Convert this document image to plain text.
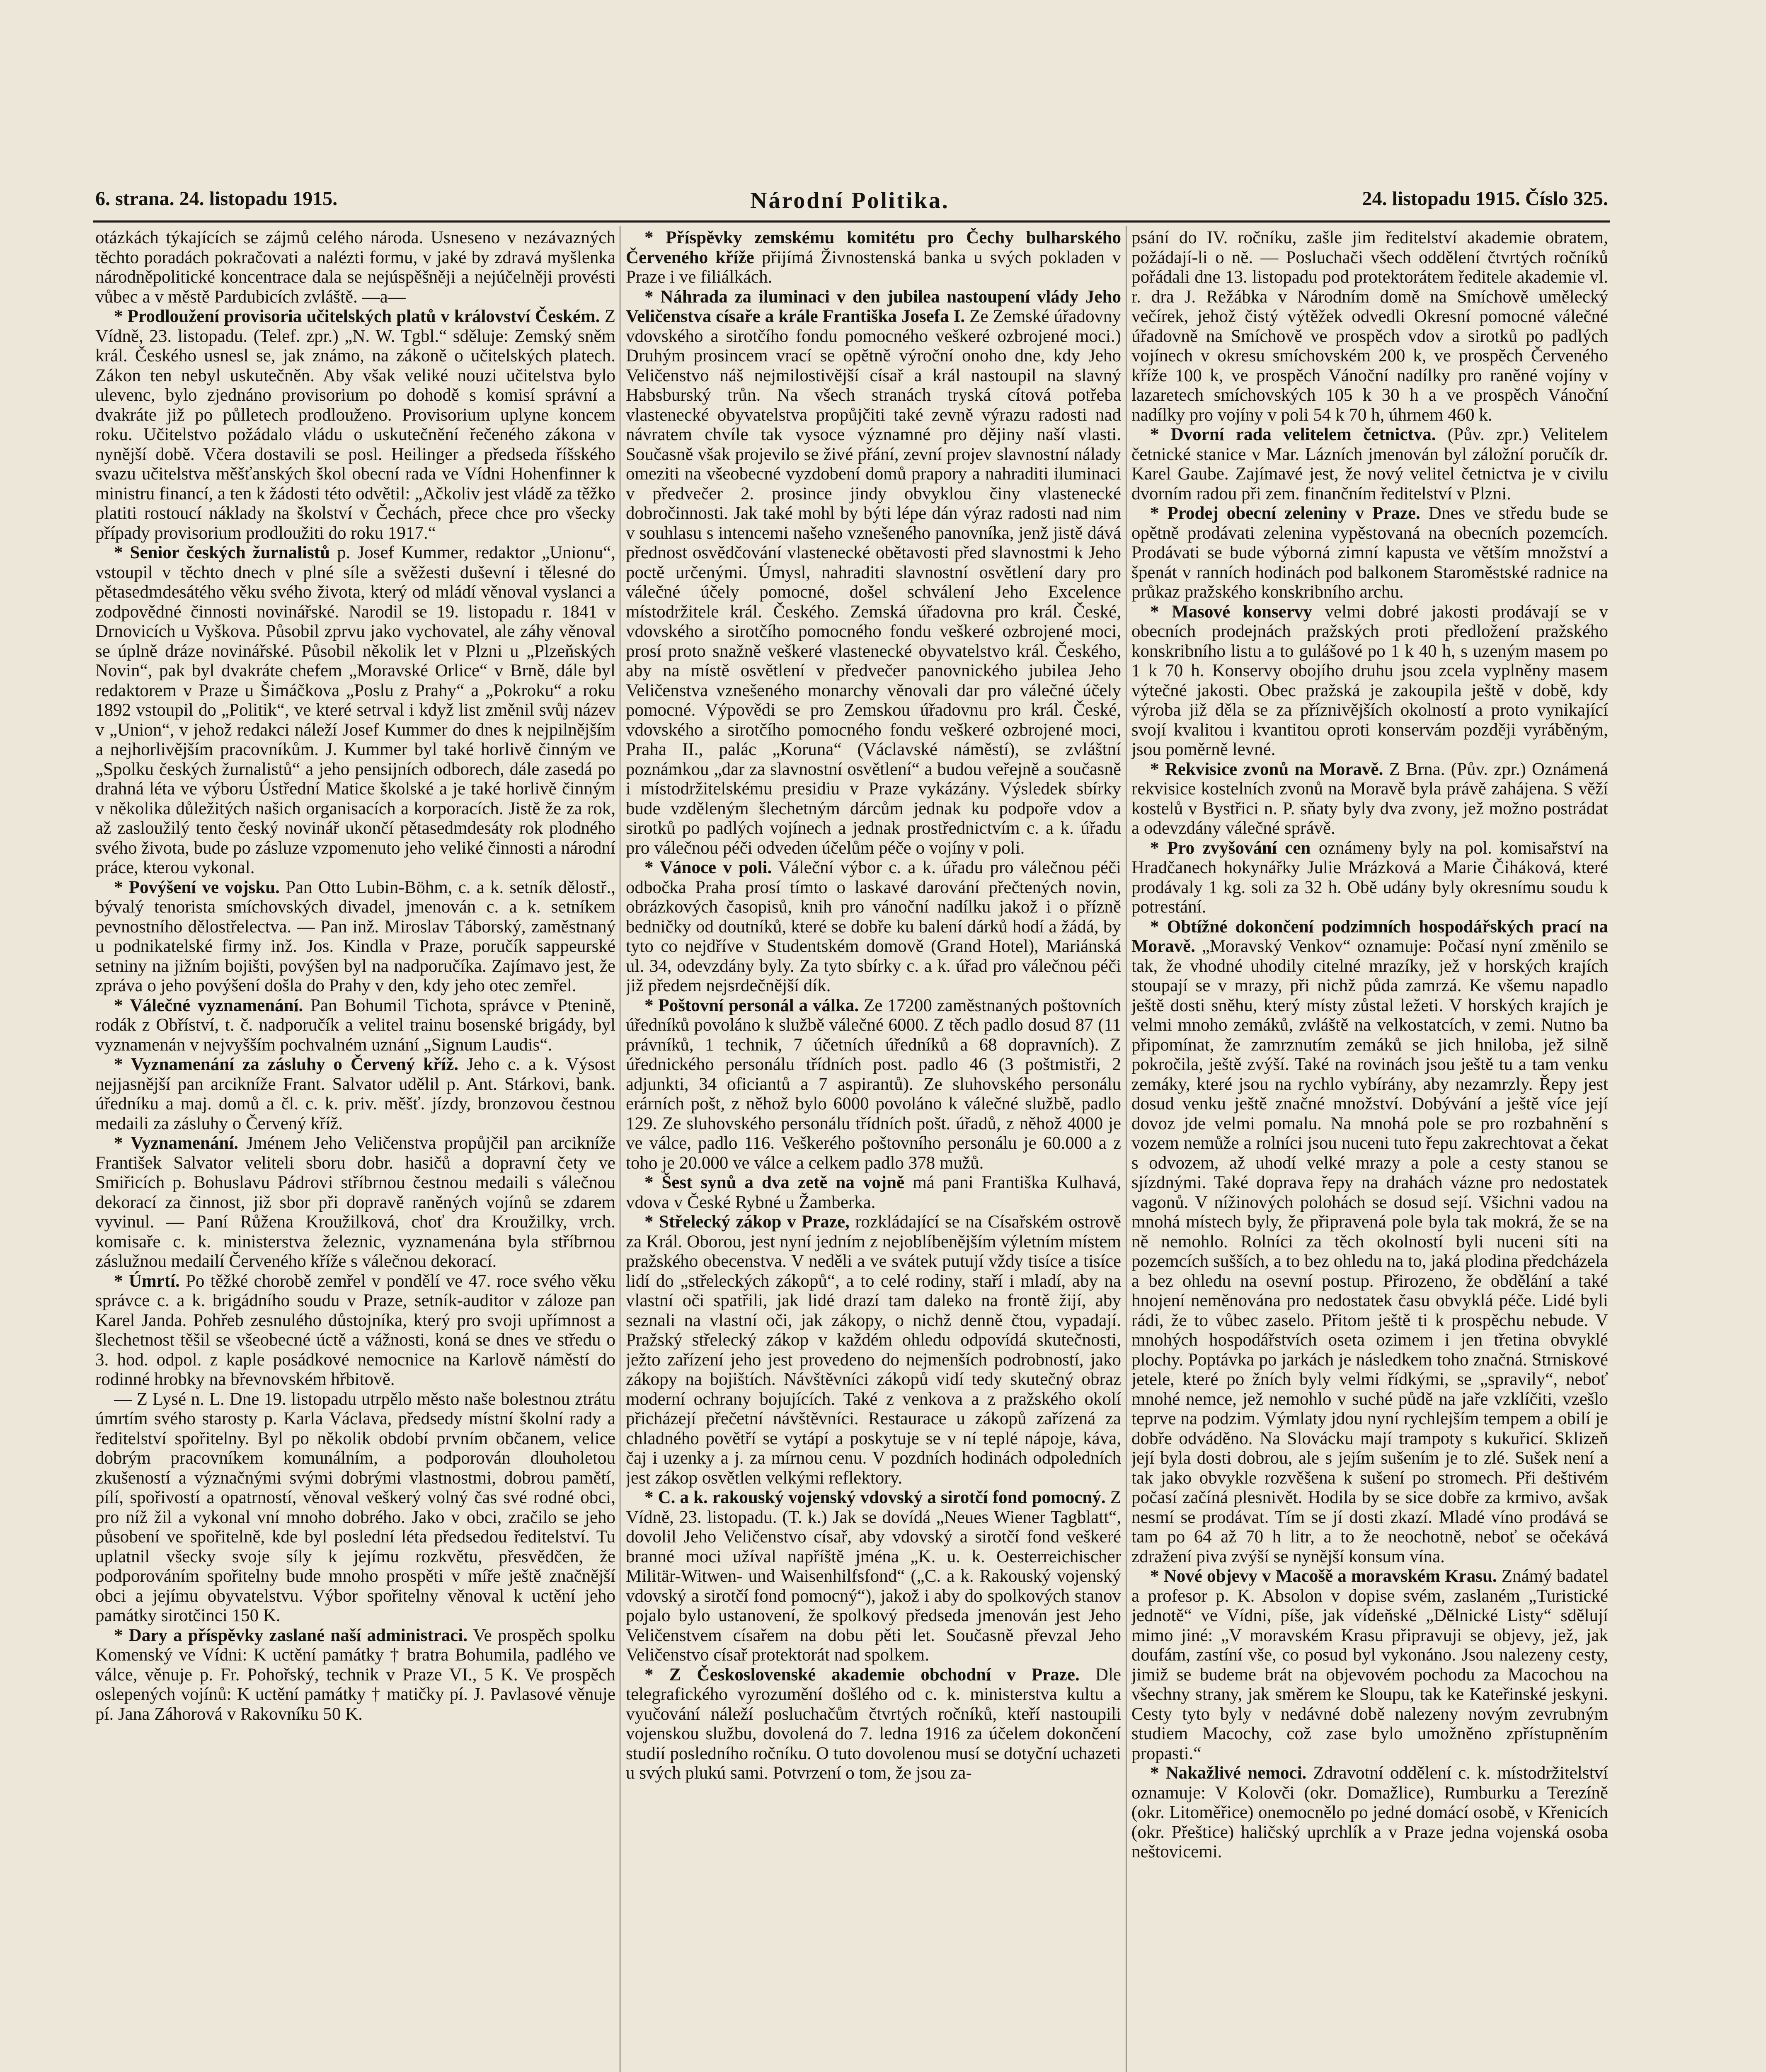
6. strana. 24. listopadu 1915.	Národní Politika.	24. listopadu 1915. Číslo 325.

otázkách týkajících se zájmů celého národa. Usneseno v nezávazných těchto poradách pokračovati a nalézti formu, v jaké by zdravá myšlenka národněpolitické koncentrace dala se nejúspěšněji a nejúčelněji provésti vůbec a v městě Pardubicích zvláště. —a—

* Prodloužení provisoria učitelských platů v království Českém. Z Vídně, 23. listopadu. (Telef. zpr.) „N. W. Tgbl.“ sděluje: Zemský sněm král. Českého usnesl se, jak známo, na zákoně o učitelských platech. Zákon ten nebyl uskutečněn. Aby však veliké nouzi učitelstva bylo ulevenc, bylo zjednáno provisorium po dohodě s komisí správní a dvakráte již po půlletech prodlouženo. Provisorium uplyne koncem roku. Učitelstvo požádalo vládu o uskutečnění řečeného zákona v nynější době. Včera dostavili se posl. Heilinger a předseda říšského svazu učitelstva měšťanských škol obecní rada ve Vídni Hohenfinner k ministru financí, a ten k žádosti této odvětil: „Ačkoliv jest vládě za těžko platiti rostoucí náklady na školství v Čechách, přece chce pro všecky případy provisorium prodloužiti do roku 1917.“

* Senior českých žurnalistů p. Josef Kummer, redaktor „Unionu“, vstoupil v těchto dnech v plné síle a svěžesti duševní i tělesné do pětasedmdesátého věku svého života, který od mládí věnoval vyslanci a zodpovědné činnosti novinářské. Narodil se 19. listopadu r. 1841 v Drnovicích u Vyškova. Působil zprvu jako vychovatel, ale záhy věnoval se úplně dráze novinářské. Působil několik let v Plzni u „Plzeňských Novin“, pak byl dvakráte chefem „Moravské Orlice“ v Brně, dále byl redaktorem v Praze u Šimáčkova „Poslu z Prahy“ a „Pokroku“ a roku 1892 vstoupil do „Politik“, ve které setrval i když list změnil svůj název v „Union“, v jehož redakci náleží Josef Kummer do dnes k nejpilnějším a nejhorlivějším pracovníkům. J. Kummer byl také horlivě činným ve „Spolku českých žurnalistů“ a jeho pensijních odborech, dále zasedá po drahná léta ve výboru Ústřední Matice školské a je také horlivě činným v několika důležitých našich organisacích a korporacích. Jistě že za rok, až zasloužilý tento český novinář ukončí pětasedmdesáty rok plodného svého života, bude po zásluze vzpomenuto jeho veliké činnosti a národní práce, kterou vykonal.

* Povýšení ve vojsku. Pan Otto Lubin-Böhm, c. a k. setník dělostř., bývalý tenorista smíchovských divadel, jmenován c. a k. setníkem pevnostního dělostřelectva. — Pan inž. Miroslav Táborský, zaměstnaný u podnikatelské firmy inž. Jos. Kindla v Praze, poručík sappeurské setniny na jižním bojišti, povýšen byl na nadporučíka. Zajímavo jest, že zpráva o jeho povýšení došla do Prahy v den, kdy jeho otec zemřel.

* Válečné vyznamenání. Pan Bohumil Tichota, správce v Ptenině, rodák z Obříství, t. č. nadporučík a velitel trainu bosenské brigády, byl vyznamenán v nejvyšším pochvalném uznání „Signum Laudis“.

* Vyznamenání za zásluhy o Červený kříž. Jeho c. a k. Výsost nejjasnější pan arcikníže Frant. Salvator udělil p. Ant. Stárkovi, bank. úředníku a maj. domů a čl. c. k. priv. měšť. jízdy, bronzovou čestnou medaili za zásluhy o Červený kříž.

* Vyznamenání. Jménem Jeho Veličenstva propůjčil pan arcikníže František Salvator veliteli sboru dobr. hasičů a dopravní čety ve Smiřicích p. Bohuslavu Pádrovi stříbrnou čestnou medaili s válečnou dekorací za činnost, již sbor při dopravě raněných vojínů se zdarem vyvinul. — Paní Růžena Kroužilková, choť dra Kroužilky, vrch. komisaře c. k. ministerstva železnic, vyznamenána byla stříbrnou záslužnou medailí Červeného kříže s válečnou dekorací.

* Úmrtí. Po těžké chorobě zemřel v pondělí ve 47. roce svého věku správce c. a k. brigádního soudu v Praze, setník-auditor v záloze pan Karel Janda. Pohřeb zesnulého důstojníka, který pro svoji upřímnost a šlechetnost těšil se všeobecné úctě a vážnosti, koná se dnes ve středu o 3. hod. odpol. z kaple posádkové nemocnice na Karlově náměstí do rodinné hrobky na břevnovském hřbitově.

— Z Lysé n. L. Dne 19. listopadu utrpělo město naše bolestnou ztrátu úmrtím svého starosty p. Karla Václava, předsedy místní školní rady a ředitelství spořitelny. Byl po několik období prvním občanem, velice dobrým pracovníkem komunálním, a podporován dlouholetou zkušeností a význačnými svými dobrými vlastnostmi, dobrou pamětí, pílí, spořivostí a opatrností, věnoval veškerý volný čas své rodné obci, pro níž žil a vykonal vní mnoho dobrého. Jako v obci, zračilo se jeho působení ve spořitelně, kde byl poslední léta předsedou ředitelství. Tu uplatnil všecky svoje síly k jejímu rozkvětu, přesvědčen, že podporováním spořitelny bude mnoho prospěti v míře ještě značnější obci a jejímu obyvatelstvu. Výbor spořitelny věnoval k uctění jeho památky sirotčinci 150 K.

* Dary a příspěvky zaslané naší administraci. Ve prospěch spolku Komenský ve Vídni: K uctění památky † bratra Bohumila, padlého ve válce, věnuje p. Fr. Pohořský, technik v Praze VI., 5 K. Ve prospěch oslepených vojínů: K uctění památky † matičky pí. J. Pavlasové věnuje pí. Jana Záhorová v Rakovníku 50 K.

* Příspěvky zemskému komitétu pro Čechy bulharského Červeného kříže přijímá Živnostenská banka u svých pokladen v Praze i ve filiálkách.

* Náhrada za iluminaci v den jubilea nastoupení vlády Jeho Veličenstva císaře a krále Františka Josefa I. Ze Zemské úřadovny vdovského a sirotčího fondu pomocného veškeré ozbrojené moci.) Druhým prosincem vrací se opětně výroční onoho dne, kdy Jeho Veličenstvo náš nejmilostivější císař a král nastoupil na slavný Habsburský trůn. Na všech stranách tryská cítová potřeba vlastenecké obyvatelstva propůjčiti také zevně výrazu radosti nad návratem chvíle tak vysoce významné pro dějiny naší vlasti. Současně však projevilo se živé přání, zevní projev slavnostní nálady omeziti na všeobecné vyzdobení domů prapory a nahraditi iluminaci v předvečer 2. prosince jindy obvyklou činy vlastenecké dobročinnosti. Jak také mohl by býti lépe dán výraz radosti nad nim v souhlasu s intencemi našeho vznešeného panovníka, jenž jistě dává přednost osvědčování vlastenecké obětavosti před slavnostmi k Jeho poctě určenými. Úmysl, nahraditi slavnostní osvětlení dary pro válečné účely pomocné, došel schválení Jeho Excelence místodržitele král. Českého. Zemská úřadovna pro král. České, vdovského a sirotčího pomocného fondu veškeré ozbrojené moci, prosí proto snažně veškeré vlastenecké obyvatelstvo král. Českého, aby na místě osvětlení v předvečer panovnického jubilea Jeho Veličenstva vznešeného monarchy věnovali dar pro válečné účely pomocné. Výpovědi se pro Zemskou úřadovnu pro král. České, vdovského a sirotčího pomocného fondu veškeré ozbrojené moci, Praha II., palác „Koruna“ (Václavské náměstí), se zvláštní poznámkou „dar za slavnostní osvětlení“ a budou veřejně a současně i místodržitelskému presidiu v Praze vykázány. Výsledek sbírky bude vzděleným šlechetným dárcům jednak ku podpoře vdov a sirotků po padlých vojínech a jednak prostřednictvím c. a k. úřadu pro válečnou péči odveden účelům péče o vojíny v poli.

* Vánoce v poli. Váleční výbor c. a k. úřadu pro válečnou péči odbočka Praha prosí tímto o laskavé darování přečtených novin, obrázkových časopisů, knih pro vánoční nadílku jakož i o přízně bedničky od doutníků, které se dobře ku balení dárků hodí a žádá, by tyto co nejdříve v Studentském domově (Grand Hotel), Mariánská ul. 34, odevzdány byly. Za tyto sbírky c. a k. úřad pro válečnou péči již předem nejsrdečnější dík.

* Poštovní personál a válka. Ze 17200 zaměstnaných poštovních úředníků povoláno k službě válečné 6000. Z těch padlo dosud 87 (11 právníků, 1 technik, 7 účetních úředníků a 68 dopravních). Z úřednického personálu třídních post. padlo 46 (3 poštmistři, 2 adjunkti, 34 oficiantů a 7 aspirantů). Ze sluhovského personálu erárních pošt, z něhož bylo 6000 povoláno k válečné službě, padlo 129. Ze sluhovského personálu třídních pošt. úřadů, z něhož 4000 je ve válce, padlo 116. Veškerého poštovního personálu je 60.000 a z toho je 20.000 ve válce a celkem padlo 378 mužů.

* Šest synů a dva zetě na vojně má pani Františka Kulhavá, vdova v České Rybné u Žamberka.

* Střelecký zákop v Praze, rozkládající se na Císařském ostrově za Král. Oborou, jest nyní jedním z nejoblíbenějším výletním místem pražského obecenstva. V neděli a ve svátek putují vždy tisíce a tisíce lidí do „střeleckých zákopů“, a to celé rodiny, staří i mladí, aby na vlastní oči spatřili, jak lidé drazí tam daleko na frontě žijí, aby seznali na vlastní oči, jak zákopy, o nichž denně čtou, vypadají. Pražský střelecký zákop v každém ohledu odpovídá skutečnosti, ježto zařízení jeho jest provedeno do nejmenších podrobností, jako zákopy na bojištích. Návštěvníci zákopů vidí tedy skutečný obraz moderní ochrany bojujících. Také z venkova a z pražského okolí přicházejí přečetní návštěvníci. Restaurace u zákopů zařízená za chladného povětří se vytápí a poskytuje se v ní teplé nápoje, káva, čaj i uzenky a j. za mírnou cenu. V pozdních hodinách odpoledních jest zákop osvětlen velkými reflektory.

* C. a k. rakouský vojenský vdovský a sirotčí fond pomocný. Z Vídně, 23. listopadu. (T. k.) Jak se dovídá „Neues Wiener Tagblatt“, dovolil Jeho Veličenstvo císař, aby vdovský a sirotčí fond veškeré branné moci užíval napříště jména „K. u. k. Oesterreichischer Militär-Witwen- und Waisenhilfsfond“ („C. a k. Rakouský vojenský vdovský a sirotčí fond pomocný“), jakož i aby do spolkových stanov pojalo bylo ustanovení, že spolkový předseda jmenován jest Jeho Veličenstvem císařem na dobu pěti let. Současně převzal Jeho Veličenstvo císař protektorát nad spolkem.

* Z Československé akademie obchodní v Praze. Dle telegrafického vyrozumění došlého od c. k. ministerstva kultu a vyučování náleží posluchačům čtvrtých ročníků, kteří nastoupili vojenskou službu, dovolená do 7. ledna 1916 za účelem dokončení studií posledního ročníku. O tuto dovolenou musí se dotyční uchazeti u svých plukú sami. Potvrzení o tom, že jsou za-

psání do IV. ročníku, zašle jim ředitelství akademie obratem, požádají-li o ně. — Posluchači všech oddělení čtvrtých ročníků pořádali dne 13. listopadu pod protektorátem ředitele akademie vl. r. dra J. Režábka v Národním domě na Smíchově umělecký večírek, jehož čistý výtěžek odvedli Okresní pomocné válečné úřadovně na Smíchově ve prospěch vdov a sirotků po padlých vojínech v okresu smíchovském 200 k, ve prospěch Červeného kříže 100 k, ve prospěch Vánoční nadílky pro raněné vojíny v lazaretech smíchovských 105 k 30 h a ve prospěch Vánoční nadílky pro vojíny v poli 54 k 70 h, úhrnem 460 k.

* Dvorní rada velitelem četnictva. (Pův. zpr.) Velitelem četnické stanice v Mar. Lázních jmenován byl záložní poručík dr. Karel Gaube. Zajímavé jest, že nový velitel četnictva je v civilu dvorním radou při zem. finančním ředitelství v Plzni.

* Prodej obecní zeleniny v Praze. Dnes ve středu bude se opětně prodávati zelenina vypěstovaná na obecních pozemcích. Prodávati se bude výborná zimní kapusta ve větším množství a špenát v ranních hodinách pod balkonem Staroměstské radnice na průkaz pražského konskribního archu.

* Masové konservy velmi dobré jakosti prodávají se v obecních prodejnách pražských proti předložení pražského konskribního listu a to gulášové po 1 k 40 h, s uzeným masem po 1 k 70 h. Konservy obojího druhu jsou zcela vyplněny masem výtečné jakosti. Obec pražská je zakoupila ještě v době, kdy výroba již děla se za příznivějších okolností a proto vynikající svojí kvalitou i kvantitou oproti konservám později vyráběným, jsou poměrně levné.

* Rekvisice zvonů na Moravě. Z Brna. (Pův. zpr.) Oznámená rekvisice kostelních zvonů na Moravě byla právě zahájena. S věží kostelů v Bystřici n. P. sňaty byly dva zvony, jež možno postrádat a odevzdány válečné správě.

* Pro zvyšování cen oznámeny byly na pol. komisařství na Hradčanech hokynářky Julie Mrázková a Marie Čiháková, které prodávaly 1 kg. soli za 32 h. Obě udány byly okresnímu soudu k potrestání.

* Obtížné dokončení podzimních hospodářských prací na Moravě. „Moravský Venkov“ oznamuje: Počasí nyní změnilo se tak, že vhodné uhodily citelné mrazíky, jež v horských krajích stoupají se v mrazy, při nichž půda zamrzá. Ke všemu napadlo ještě dosti sněhu, který místy zůstal ležeti. V horských krajích je velmi mnoho zemáků, zvláště na velkostatcích, v zemi. Nutno ba připomínat, že zamrznutím zemáků se jich hniloba, jež silně pokročila, ještě zvýší. Také na rovinách jsou ještě tu a tam venku zemáky, které jsou na rychlo vybírány, aby nezamrzly. Řepy jest dosud venku ještě značné množství. Dobývání a ještě více její dovoz jde velmi pomalu. Na mnohá pole se pro rozbahnění s vozem nemůže a rolníci jsou nuceni tuto řepu zakrechtovat a čekat s odvozem, až uhodí velké mrazy a pole a cesty stanou se sjízdnými. Také doprava řepy na drahách vázne pro nedostatek vagonů. V nížinových polohách se dosud sejí. Všichni vadou na mnohá místech byly, že připravená pole byla tak mokrá, že se na ně nemohlo. Rolníci za těch okolností byli nuceni síti na pozemcích sušších, a to bez ohledu na to, jaká plodina předcházela a bez ohledu na osevní postup. Přirozeno, že obdělání a také hnojení neměnována pro nedostatek času obvyklá péče. Lidé byli rádi, že to vůbec zaselo. Přitom ještě ti k prospěchu nebude. V mnohých hospodářstvích oseta ozimem i jen třetina obvyklé plochy. Poptávka po jarkách je následkem toho značná. Strniskové jetele, které po žních byly velmi řídkými, se „spravily“, neboť mnohé nemce, jež nemohlo v suché půdě na jaře vzklíčiti, vzešlo teprve na podzim. Výmlaty jdou nyní rychlejším tempem a obilí je dobře odváděno. Na Slovácku mají trampoty s kukuřicí. Sklizeň její byla dosti dobrou, ale s jejím sušením je to zlé. Sušek není a tak jako obvykle rozvěšena k sušení po stromech. Při deštivém počasí začíná plesnivět. Hodila by se sice dobře za krmivo, avšak nesmí se prodávat. Tím se jí dosti zkazí. Mladé víno prodává se tam po 64 až 70 h litr, a to že neochotně, neboť se očekává zdražení piva zvýší se nynější konsum vína.

* Nové objevy v Macošě a moravském Krasu. Známý badatel a profesor p. K. Absolon v dopise svém, zaslaném „Turistické jednotě“ ve Vídni, píše, jak vídeňské „Dělnické Listy“ sdělují mimo jiné: „V moravském Krasu připravuji se objevy, jež, jak doufám, zastíní vše, co posud byl vykonáno. Jsou nalezeny cesty, jimiž se budeme brát na objevovém pochodu za Macochou na všechny strany, jak směrem ke Sloupu, tak ke Kateřinské jeskyni. Cesty tyto byly v nedávné době nalezeny novým zevrubným studiem Macochy, což zase bylo umožněno zpřístupněním propasti.“

* Nakažlivé nemoci. Zdravotní oddělení c. k. místodržitelství oznamuje: V Kolovči (okr. Domažlice), Rumburku a Terezíně (okr. Litoměřice) onemocnělo po jedné domácí osobě, v Křenicích (okr. Přeštice) haličský uprchlík a v Praze jedna vojenská osoba neštovicemi.
